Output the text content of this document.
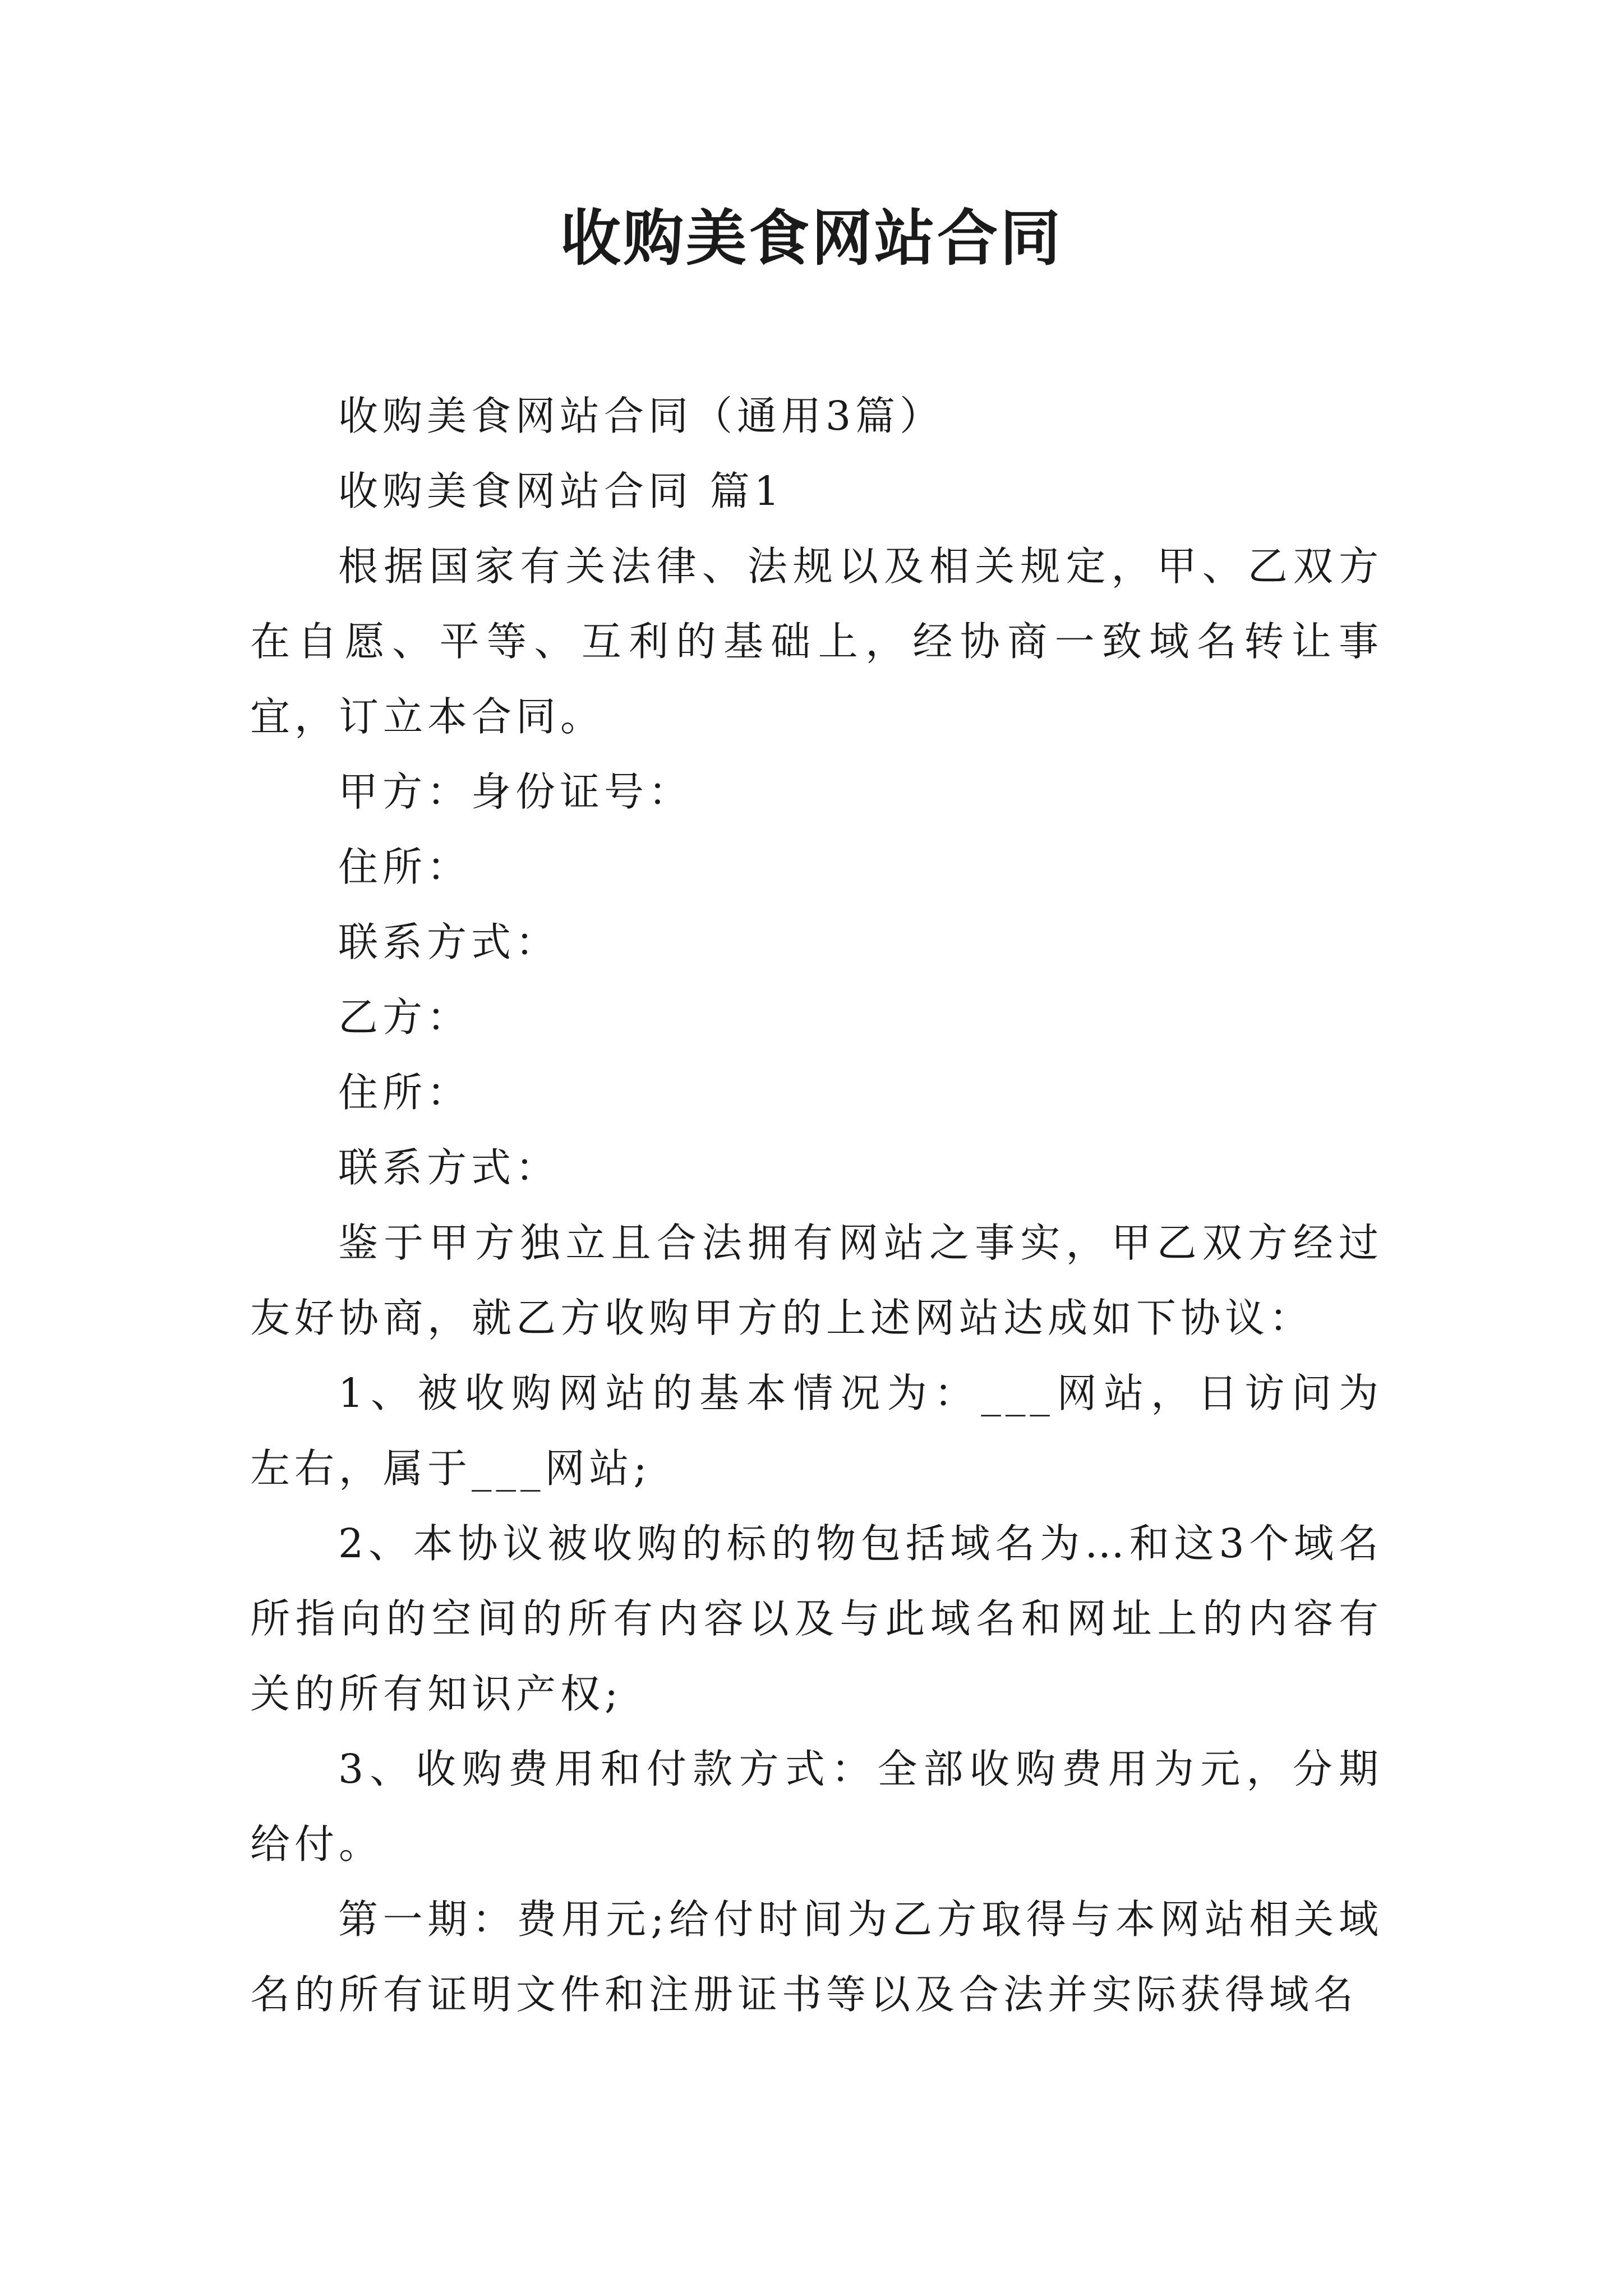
收购美食网站合同

收购美食网站合同（通用3篇）

收购美食网站合同 篇1

根据国家有关法律、法规以及相关规定，甲、乙双方在自愿、平等、互利的基础上，经协商一致域名转让事宜，订立本合同。

甲方：身份证号：

住所：

联系方式：

乙方：

住所：

联系方式：

鉴于甲方独立且合法拥有网站之事实，甲乙双方经过友好协商，就乙方收购甲方的上述网站达成如下协议：

1、被收购网站的基本情况为：___网站，日访问为 左右，属于___网站;

2、本协议被收购的标的物包括域名为…和这3个域名所指向的空间的所有内容以及与此域名和网址上的内容有关的所有知识产权;

3、收购费用和付款方式：全部收购费用为元，分期给付。

第一期：费用元;给付时间为乙方取得与本网站相关域名的所有证明文件和注册证书等以及合法并实际获得域名
